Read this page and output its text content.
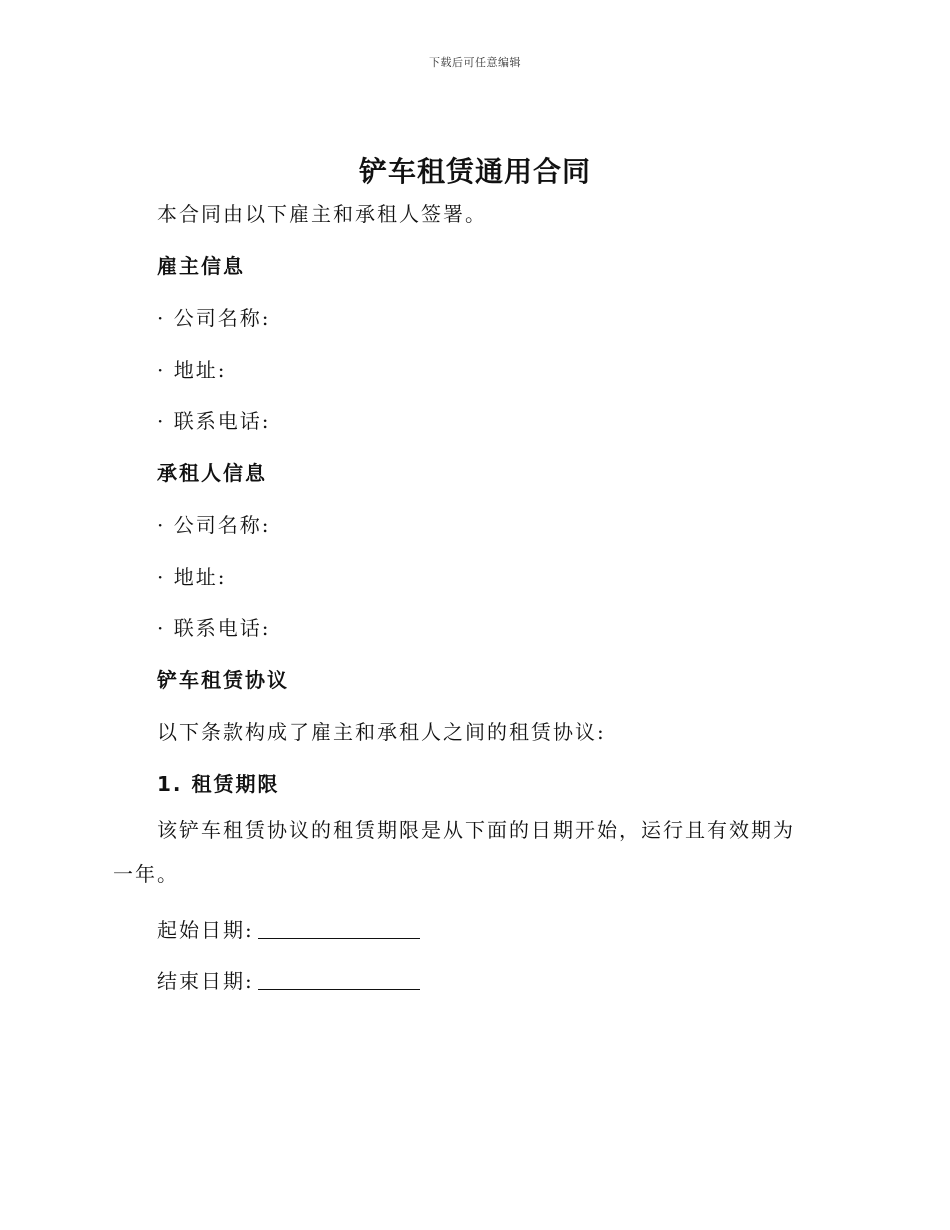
下载后可任意编辑
铲车租赁通用合同
本合同由以下雇主和承租人签署。
雇主信息
· 公司名称:
· 地址:
· 联系电话:
承租人信息
· 公司名称:
· 地址:
· 联系电话:
铲车租赁协议
以下条款构成了雇主和承租人之间的租赁协议:
1. 租赁期限
该铲车租赁协议的租赁期限是从下面的日期开始，运行且有效期为一年。
起始日期:
结束日期:
